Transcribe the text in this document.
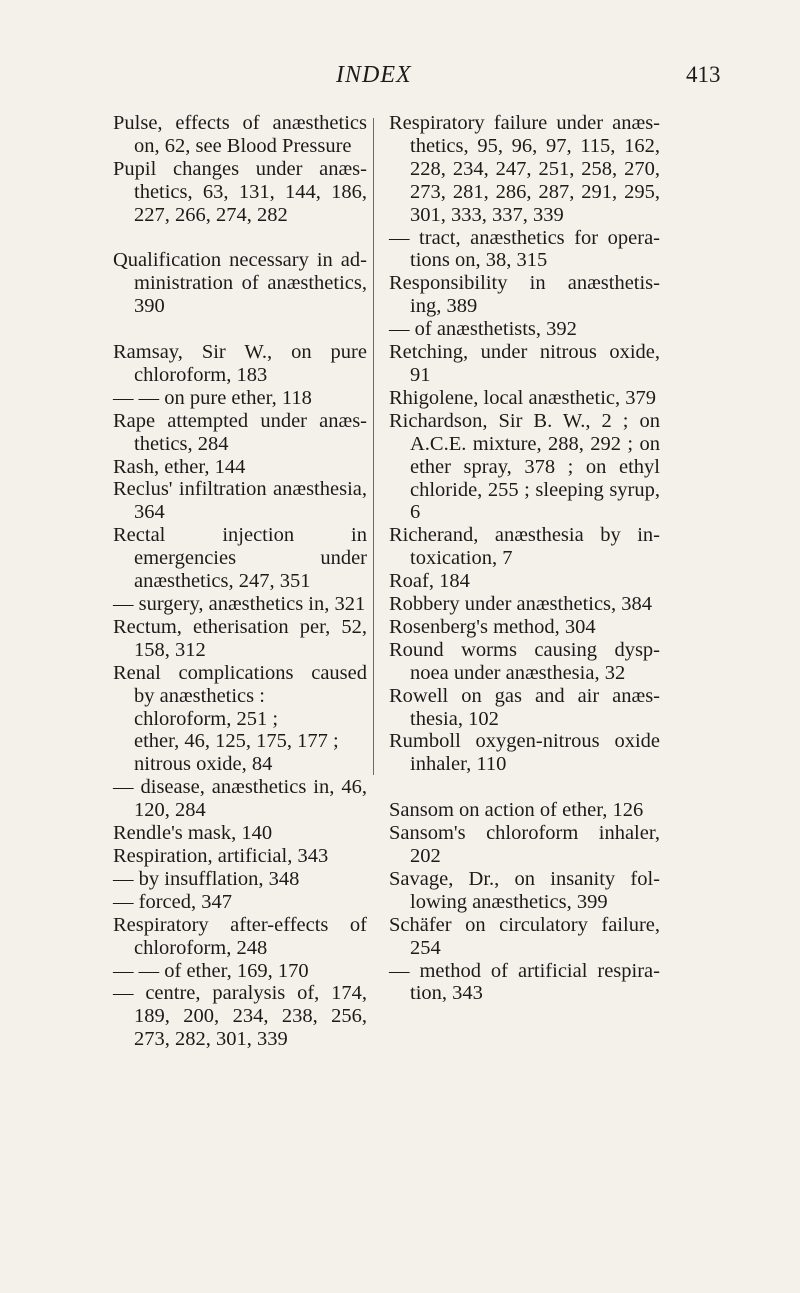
INDEX	413
Pulse, effects of anæsthetics on, 62, see Blood Pressure
Pupil changes under anæs- thetics, 63, 131, 144, 186, 227, 266, 274, 282
Qualification necessary in ad- ministration of anæsthetics, 390
Ramsay, Sir W., on pure chloroform, 183
— — on pure ether, 118
Rape attempted under anæs- thetics, 284
Rash, ether, 144
Reclus' infiltration anæsthesia, 364
Rectal injection in emergencies under anæsthetics, 247, 351
— surgery, anæsthetics in, 321
Rectum, etherisation per, 52, 158, 312
Renal complications caused by anæsthetics :
chloroform, 251 ;
ether, 46, 125, 175, 177 ;
nitrous oxide, 84
— disease, anæsthetics in, 46, 120, 284
Rendle's mask, 140
Respiration, artificial, 343
— by insufflation, 348
— forced, 347
Respiratory after-effects of chloroform, 248
— — of ether, 169, 170
— centre, paralysis of, 174, 189, 200, 234, 238, 256, 273, 282, 301, 339
Respiratory failure under anæs- thetics, 95, 96, 97, 115, 162, 228, 234, 247, 251, 258, 270, 273, 281, 286, 287, 291, 295, 301, 333, 337, 339
— tract, anæsthetics for opera- tions on, 38, 315
Responsibility in anæsthetis- ing, 389
— of anæsthetists, 392
Retching, under nitrous oxide, 91
Rhigolene, local anæsthetic, 379
Richardson, Sir B. W., 2 ; on A.C.E. mixture, 288, 292 ; on ether spray, 378 ; on ethyl chloride, 255 ; sleeping syrup, 6
Richerand, anæsthesia by in- toxication, 7
Roaf, 184
Robbery under anæsthetics, 384
Rosenberg's method, 304
Round worms causing dysp- noea under anæsthesia, 32
Rowell on gas and air anæs- thesia, 102
Rumboll oxygen-nitrous oxide inhaler, 110
Sansom on action of ether, 126
Sansom's chloroform inhaler, 202
Savage, Dr., on insanity fol- lowing anæsthetics, 399
Schäfer on circulatory failure, 254
— method of artificial respira- tion, 343
